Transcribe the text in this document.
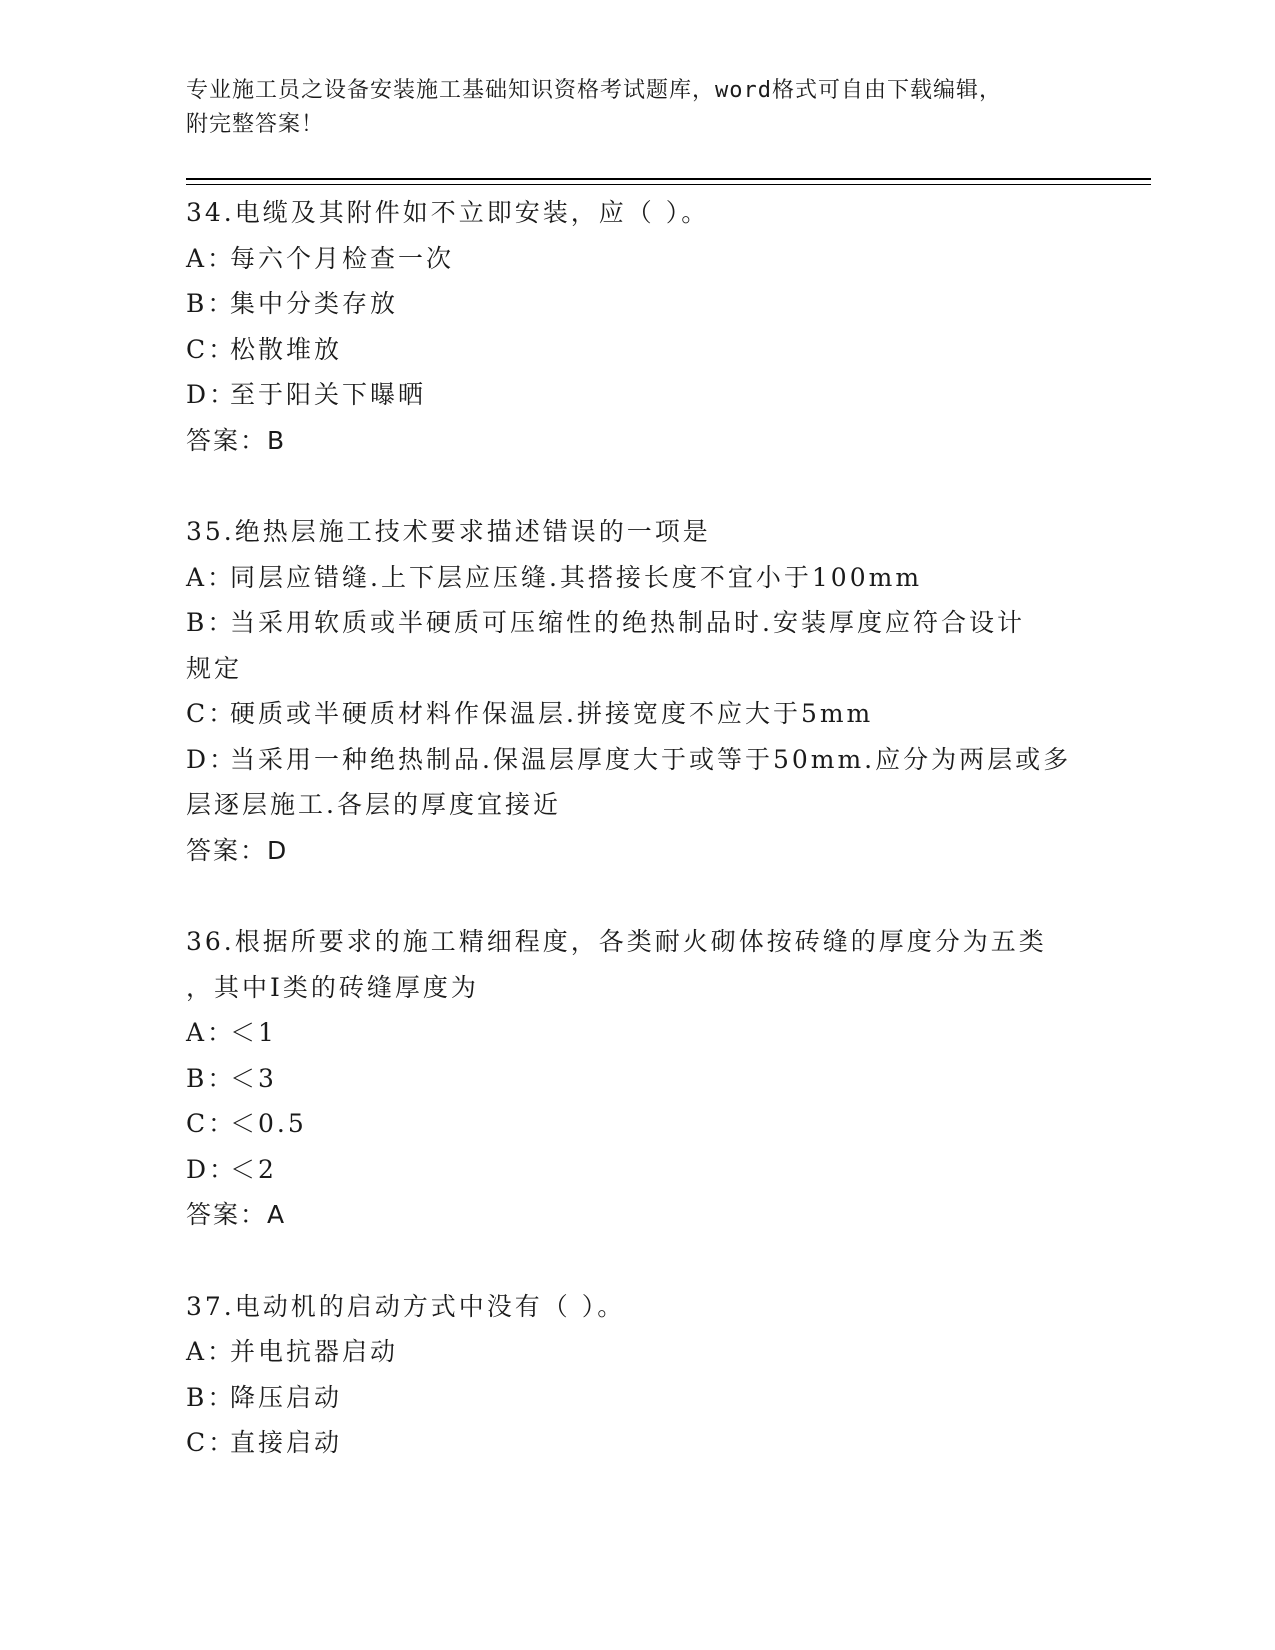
专业施工员之设备安装施工基础知识资格考试题库，word格式可自由下载编辑，
附完整答案！
34.电缆及其附件如不立即安装，应（ ）。
A：每六个月检查一次
B：集中分类存放
C：松散堆放
D：至于阳关下曝晒
答案：B
35.绝热层施工技术要求描述错误的一项是
A：同层应错缝.上下层应压缝.其搭接长度不宜小于100mm
B：当采用软质或半硬质可压缩性的绝热制品时.安装厚度应符合设计
规定
C：硬质或半硬质材料作保温层.拼接宽度不应大于5mm
D：当采用一种绝热制品.保温层厚度大于或等于50mm.应分为两层或多
层逐层施工.各层的厚度宜接近
答案：D
36.根据所要求的施工精细程度，各类耐火砌体按砖缝的厚度分为五类
，其中Ⅰ类的砖缝厚度为
A：＜1
B：＜3
C：＜0.5
D：＜2
答案：A
37.电动机的启动方式中没有（ ）。
A：并电抗器启动
B：降压启动
C：直接启动
